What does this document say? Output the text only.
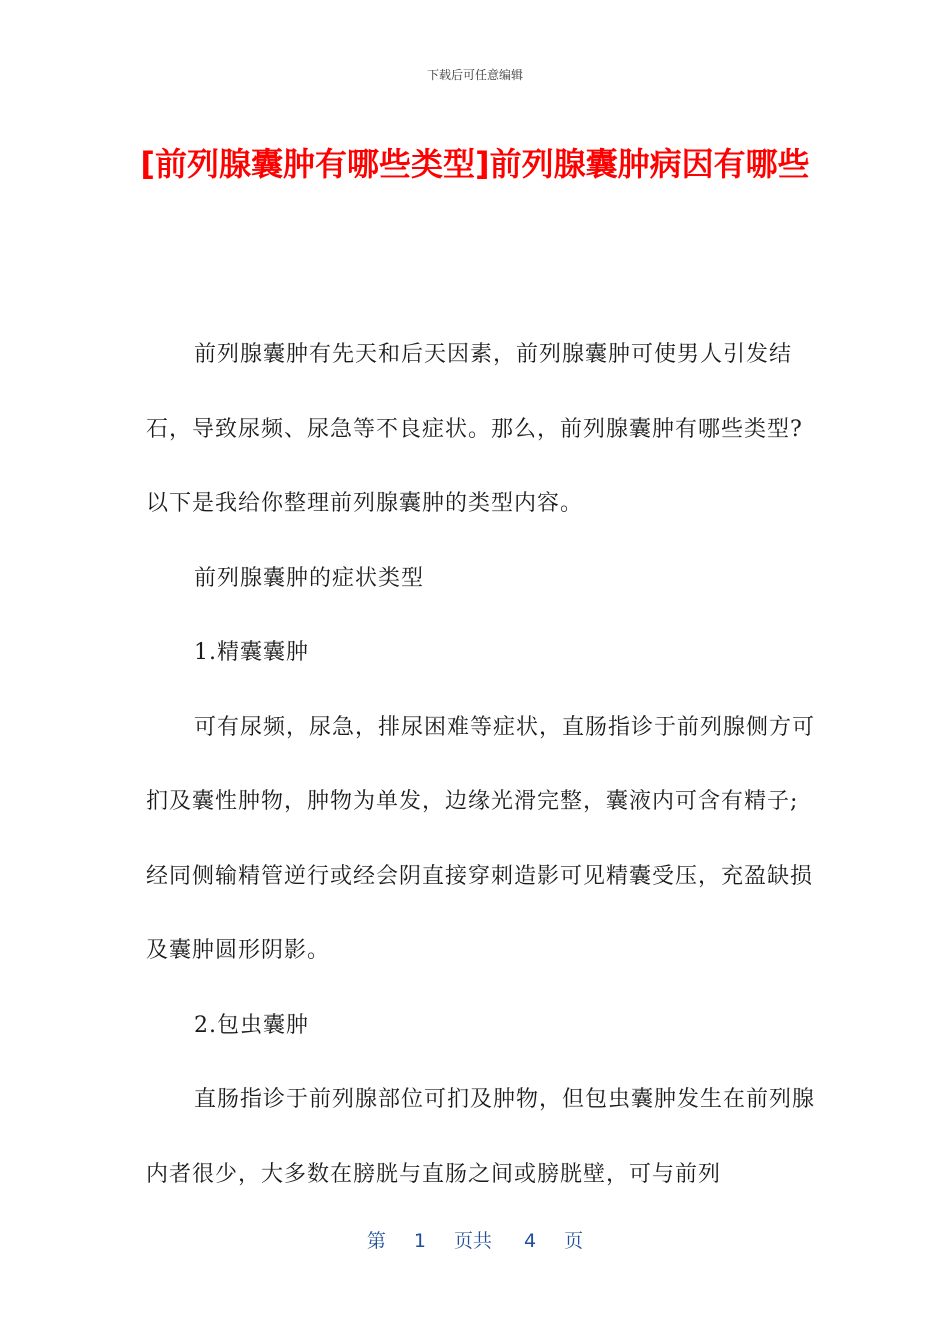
下载后可任意编辑
[前列腺囊肿有哪些类型]前列腺囊肿病因有哪些

前列腺囊肿有先天和后天因素，前列腺囊肿可使男人引发结石，导致尿频、尿急等不良症状。那么，前列腺囊肿有哪些类型?以下是我给你整理前列腺囊肿的类型内容。

前列腺囊肿的症状类型

1.精囊囊肿

可有尿频，尿急，排尿困难等症状，直肠指诊于前列腺侧方可扪及囊性肿物，肿物为单发，边缘光滑完整，囊液内可含有精子;经同侧输精管逆行或经会阴直接穿刺造影可见精囊受压，充盈缺损及囊肿圆形阴影。

2.包虫囊肿

直肠指诊于前列腺部位可扪及肿物，但包虫囊肿发生在前列腺内者很少，大多数在膀胱与直肠之间或膀胱壁，可与前列

第 1 页共 4 页
